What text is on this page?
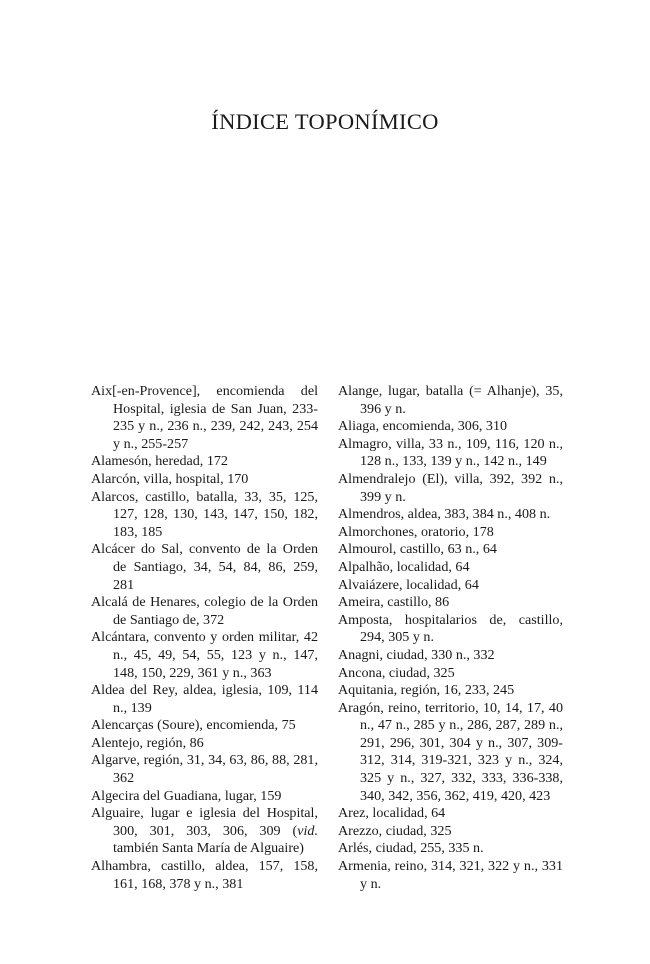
ÍNDICE TOPONÍMICO

Aix[-en-Provence], encomienda del Hospital, iglesia de San Juan, 233-235 y n., 236 n., 239, 242, 243, 254 y n., 255-257

Alamesón, heredad, 172

Alarcón, villa, hospital, 170

Alarcos, castillo, batalla, 33, 35, 125, 127, 128, 130, 143, 147, 150, 182, 183, 185

Alcácer do Sal, convento de la Orden de Santiago, 34, 54, 84, 86, 259, 281

Alcalá de Henares, colegio de la Orden de Santiago de, 372

Alcántara, convento y orden militar, 42 n., 45, 49, 54, 55, 123 y n., 147, 148, 150, 229, 361 y n., 363

Aldea del Rey, aldea, iglesia, 109, 114 n., 139

Alencarças (Soure), encomienda, 75

Alentejo, región, 86

Algarve, región, 31, 34, 63, 86, 88, 281, 362

Algecira del Guadiana, lugar, 159

Alguaire, lugar e iglesia del Hospital, 300, 301, 303, 306, 309 (vid. también Santa María de Alguaire)

Alhambra, castillo, aldea, 157, 158, 161, 168, 378 y n., 381

Alange, lugar, batalla (= Alhanje), 35, 396 y n.

Aliaga, encomienda, 306, 310

Almagro, villa, 33 n., 109, 116, 120 n., 128 n., 133, 139 y n., 142 n., 149

Almendralejo (El), villa, 392, 392 n., 399 y n.

Almendros, aldea, 383, 384 n., 408 n.

Almorchones, oratorio, 178

Almourol, castillo, 63 n., 64

Alpalhão, localidad, 64

Alvaiázere, localidad, 64

Ameira, castillo, 86

Amposta, hospitalarios de, castillo, 294, 305 y n.

Anagni, ciudad, 330 n., 332

Ancona, ciudad, 325

Aquitania, región, 16, 233, 245

Aragón, reino, territorio, 10, 14, 17, 40 n., 47 n., 285 y n., 286, 287, 289 n., 291, 296, 301, 304 y n., 307, 309-312, 314, 319-321, 323 y n., 324, 325 y n., 327, 332, 333, 336-338, 340, 342, 356, 362, 419, 420, 423

Arez, localidad, 64

Arezzo, ciudad, 325

Arlés, ciudad, 255, 335 n.

Armenia, reino, 314, 321, 322 y n., 331 y n.
